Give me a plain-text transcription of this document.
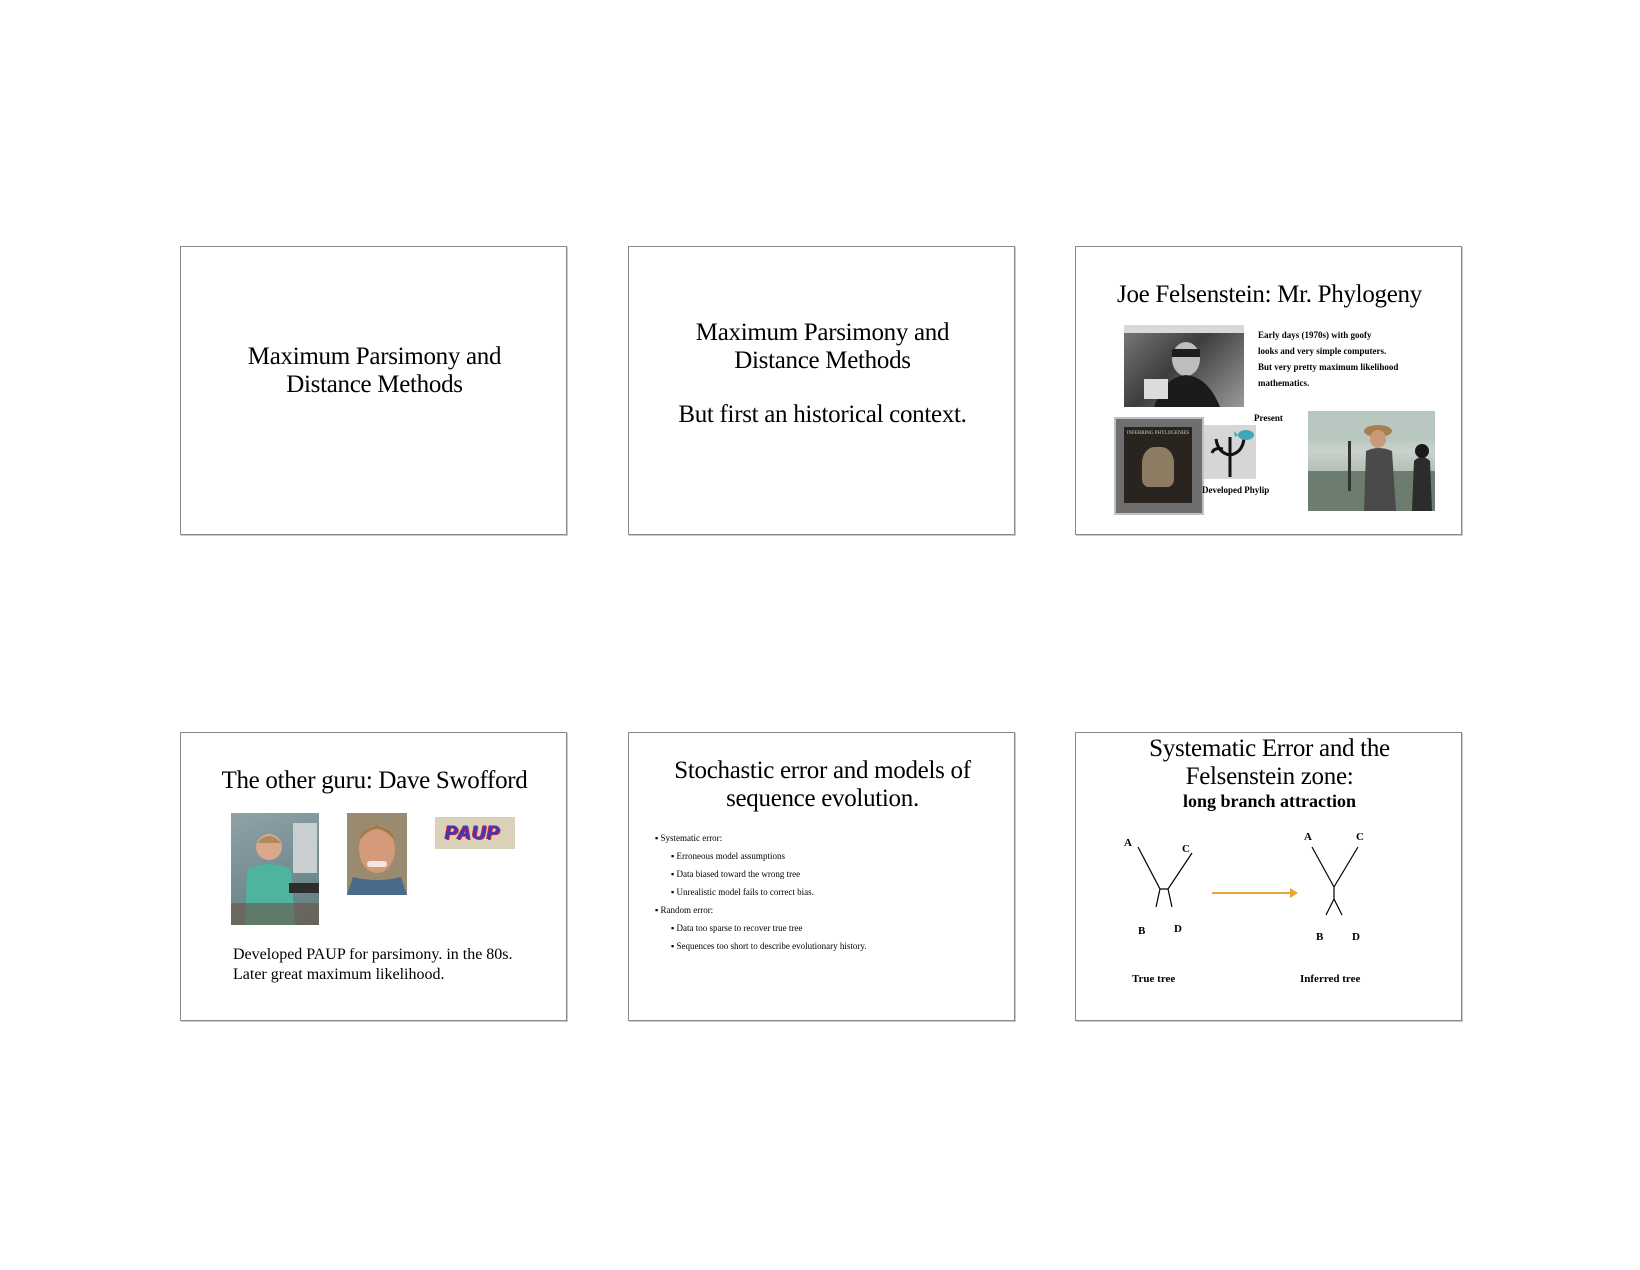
Maximum Parsimony and
Distance Methods
Maximum Parsimony and
Distance Methods
But first an historical context.
Joe Felsenstein: Mr. Phylogeny
Early days (1970s) with goofy
looks and very simple computers.
But very pretty maximum likelihood
mathematics.
INFERRING PHYLOGENIES
Developed Phylip
Present
The other guru: Dave Swofford
PAUP
Developed PAUP for parsimony. in the 80s.
Later great maximum likelihood.
Stochastic error and models of
sequence evolution.
▪ Systematic error:
▪ Erroneous model assumptions
▪ Data biased toward the wrong tree
▪ Unrealistic model fails to correct bias.
▪ Random error:
▪ Data too sparse to recover true tree
▪ Sequences too short to describe evolutionary history.
Systematic Error and the
Felsenstein zone:
long branch attraction
A	C
B	D
True tree
A	C
B	D
Inferred tree
